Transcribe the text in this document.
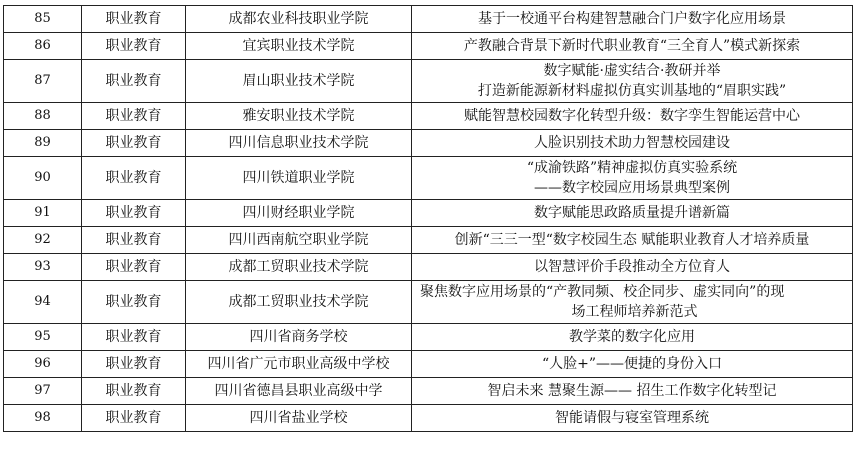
85	职业教育	成都农业科技职业学院	基于一校通平台构建智慧融合门户数字化应用场景

86	职业教育	宜宾职业技术学院	产教融合背景下新时代职业教育“三全育人”模式新探索

87	职业教育	眉山职业技术学院	数字赋能·虚实结合·教研并举
打造新能源新材料虚拟仿真实训基地的“眉职实践”

88	职业教育	雅安职业技术学院	赋能智慧校园数字化转型升级：数字孪生智能运营中心

89	职业教育	四川信息职业技术学院	人脸识别技术助力智慧校园建设

90	职业教育	四川铁道职业学院	“成渝铁路”精神虚拟仿真实验系统
——数字校园应用场景典型案例

91	职业教育	四川财经职业学院	数字赋能思政路质量提升谱新篇

92	职业教育	四川西南航空职业学院	创新“三三一型“数字校园生态 赋能职业教育人才培养质量

93	职业教育	成都工贸职业技术学院	以智慧评价手段推动全方位育人

94	职业教育	成都工贸职业技术学院	聚焦数字应用场景的“产教同频、校企同步、虚实同向”的现
场工程师培养新范式

95	职业教育	四川省商务学校	教学菜的数字化应用

96	职业教育	四川省广元市职业高级中学校	“人脸+”——便捷的身份入口

97	职业教育	四川省德昌县职业高级中学	智启未来 慧聚生源—— 招生工作数字化转型记

98	职业教育	四川省盐业学校	智能请假与寝室管理系统
